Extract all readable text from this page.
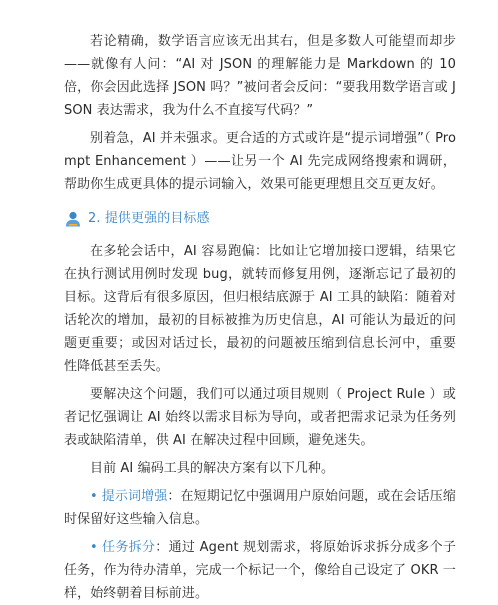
若论精确，数学语言应该无出其右，但是多数人可能望而却步——就像有人问：“AI 对 JSON 的理解能力是 Markdown 的 10 倍，你会因此选择 JSON 吗？”被问者会反问：“要我用数学语言或 JSON 表达需求，我为什么不直接写代码？”

别着急，AI 并未强求。更合适的方式或许是“提示词增强”（ Prompt Enhancement ）——让另一个 AI 先完成网络搜索和调研，帮助你生成更具体的提示词输入，效果可能更理想且交互更友好。

2. 提供更强的目标感

在多轮会话中，AI 容易跑偏：比如让它增加接口逻辑，结果它在执行测试用例时发现 bug，就转而修复用例，逐渐忘记了最初的目标。这背后有很多原因，但归根结底源于 AI 工具的缺陷：随着对话轮次的增加，最初的目标被推为历史信息，AI 可能认为最近的问题更重要；或因对话过长，最初的问题被压缩到信息长河中，重要性降低甚至丢失。

要解决这个问题，我们可以通过项目规则（ Project Rule ）或者记忆强调让 AI 始终以需求目标为导向，或者把需求记录为任务列表或缺陷清单，供 AI 在解决过程中回顾，避免迷失。

目前 AI 编码工具的解决方案有以下几种。

• 提示词增强：在短期记忆中强调用户原始问题，或在会话压缩时保留好这些输入信息。

• 任务拆分：通过 Agent 规划需求，将原始诉求拆分成多个子任务，作为待办清单，完成一个标记一个，像给自己设定了 OKR 一样，始终朝着目标前进。
